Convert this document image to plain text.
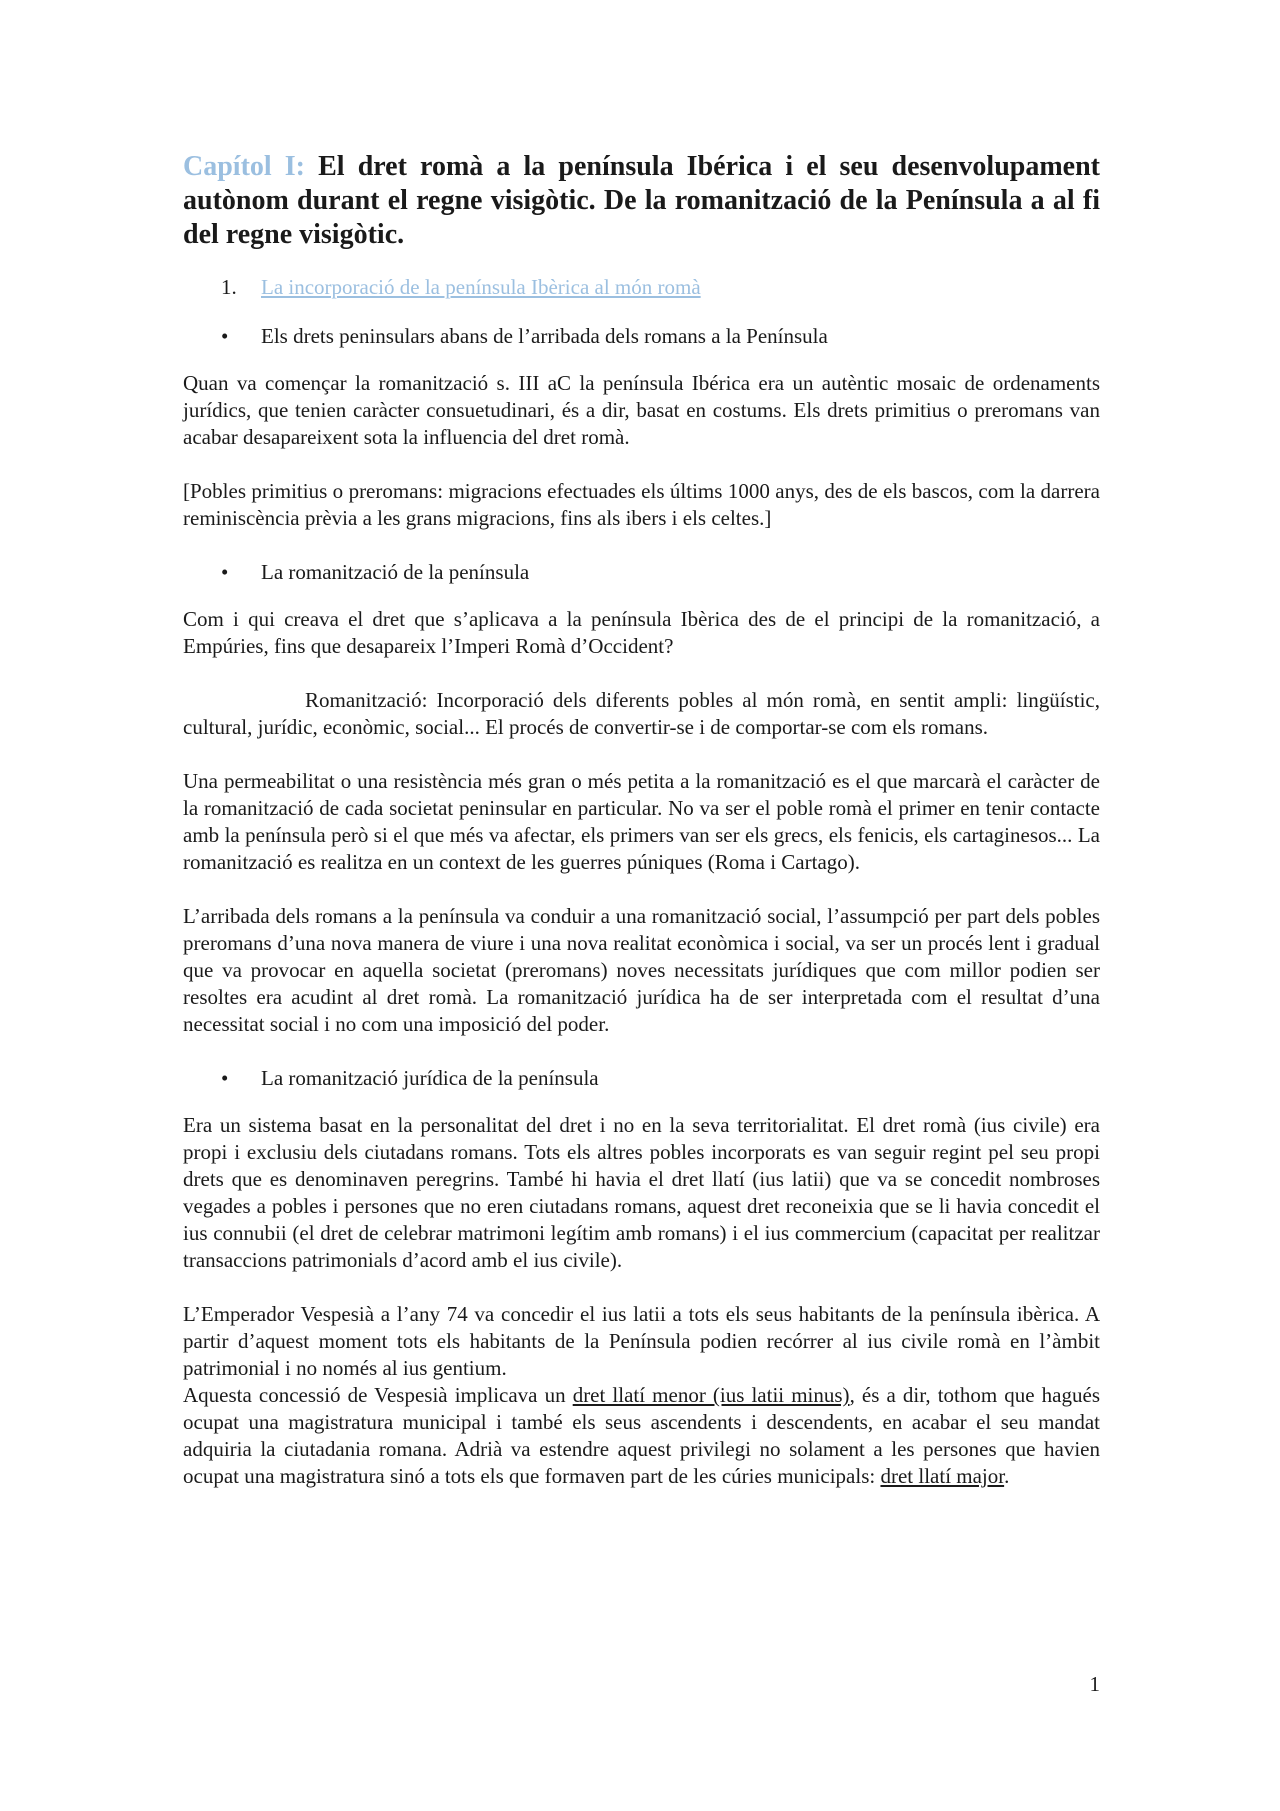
Capítol I: El dret romà a la península Ibérica i el seu desenvolupament autònom durant el regne visigòtic. De la romanització de la Península a al fi del regne visigòtic.
1. La incorporació de la península Ibèrica al món romà
• Els drets peninsulars abans de l’arribada dels romans a la Península

Quan va començar la romanització s. III aC la península Ibérica era un autèntic mosaic de ordenaments jurídics, que tenien caràcter consuetudinari, és a dir, basat en costums. Els drets primitius o preromans van acabar desapareixent sota la influencia del dret romà.

[Pobles primitius o preromans: migracions efectuades els últims 1000 anys, des de els bascos, com la darrera reminiscència prèvia a les grans migracions, fins als ibers i els celtes.]

• La romanització de la península

Com i qui creava el dret que s’aplicava a la península Ibèrica des de el principi de la romanització, a Empúries, fins que desapareix l’Imperi Romà d’Occident?

Romanització: Incorporació dels diferents pobles al món romà, en sentit ampli: lingüístic, cultural, jurídic, econòmic, social... El procés de convertir-se i de comportar-se com els romans.

Una permeabilitat o una resistència més gran o més petita a la romanització es el que marcarà el caràcter de la romanització de cada societat peninsular en particular. No va ser el poble romà el primer en tenir contacte amb la península però si el que més va afectar, els primers van ser els grecs, els fenicis, els cartaginesos... La romanització es realitza en un context de les guerres púniques (Roma i Cartago).

L’arribada dels romans a la península va conduir a una romanització social, l’assumpció per part dels pobles preromans d’una nova manera de viure i una nova realitat econòmica i social, va ser un procés lent i gradual que va provocar en aquella societat (preromans) noves necessitats jurídiques que com millor podien ser resoltes era acudint al dret romà. La romanització jurídica ha de ser interpretada com el resultat d’una necessitat social i no com una imposició del poder.

• La romanització jurídica de la península

Era un sistema basat en la personalitat del dret i no en la seva territorialitat. El dret romà (ius civile) era propi i exclusiu dels ciutadans romans. Tots els altres pobles incorporats es van seguir regint pel seu propi drets que es denominaven peregrins. També hi havia el dret llatí (ius latii) que va se concedit nombroses vegades a pobles i persones que no eren ciutadans romans, aquest dret reconeixia que se li havia concedit el ius connubii (el dret de celebrar matrimoni legítim amb romans) i el ius commercium (capacitat per realitzar transaccions patrimonials d’acord amb el ius civile).

L’Emperador Vespesià a l’any 74 va concedir el ius latii a tots els seus habitants de la península ibèrica. A partir d’aquest moment tots els habitants de la Península podien recórrer al ius civile romà en l’àmbit patrimonial i no només al ius gentium.

Aquesta concessió de Vespesià implicava un dret llatí menor (ius latii minus), és a dir, tothom que hagués ocupat una magistratura municipal i també els seus ascendents i descendents, en acabar el seu mandat adquiria la ciutadania romana. Adrià va estendre aquest privilegi no solament a les persones que havien ocupat una magistratura sinó a tots els que formaven part de les cúries municipals: dret llatí major.

1
